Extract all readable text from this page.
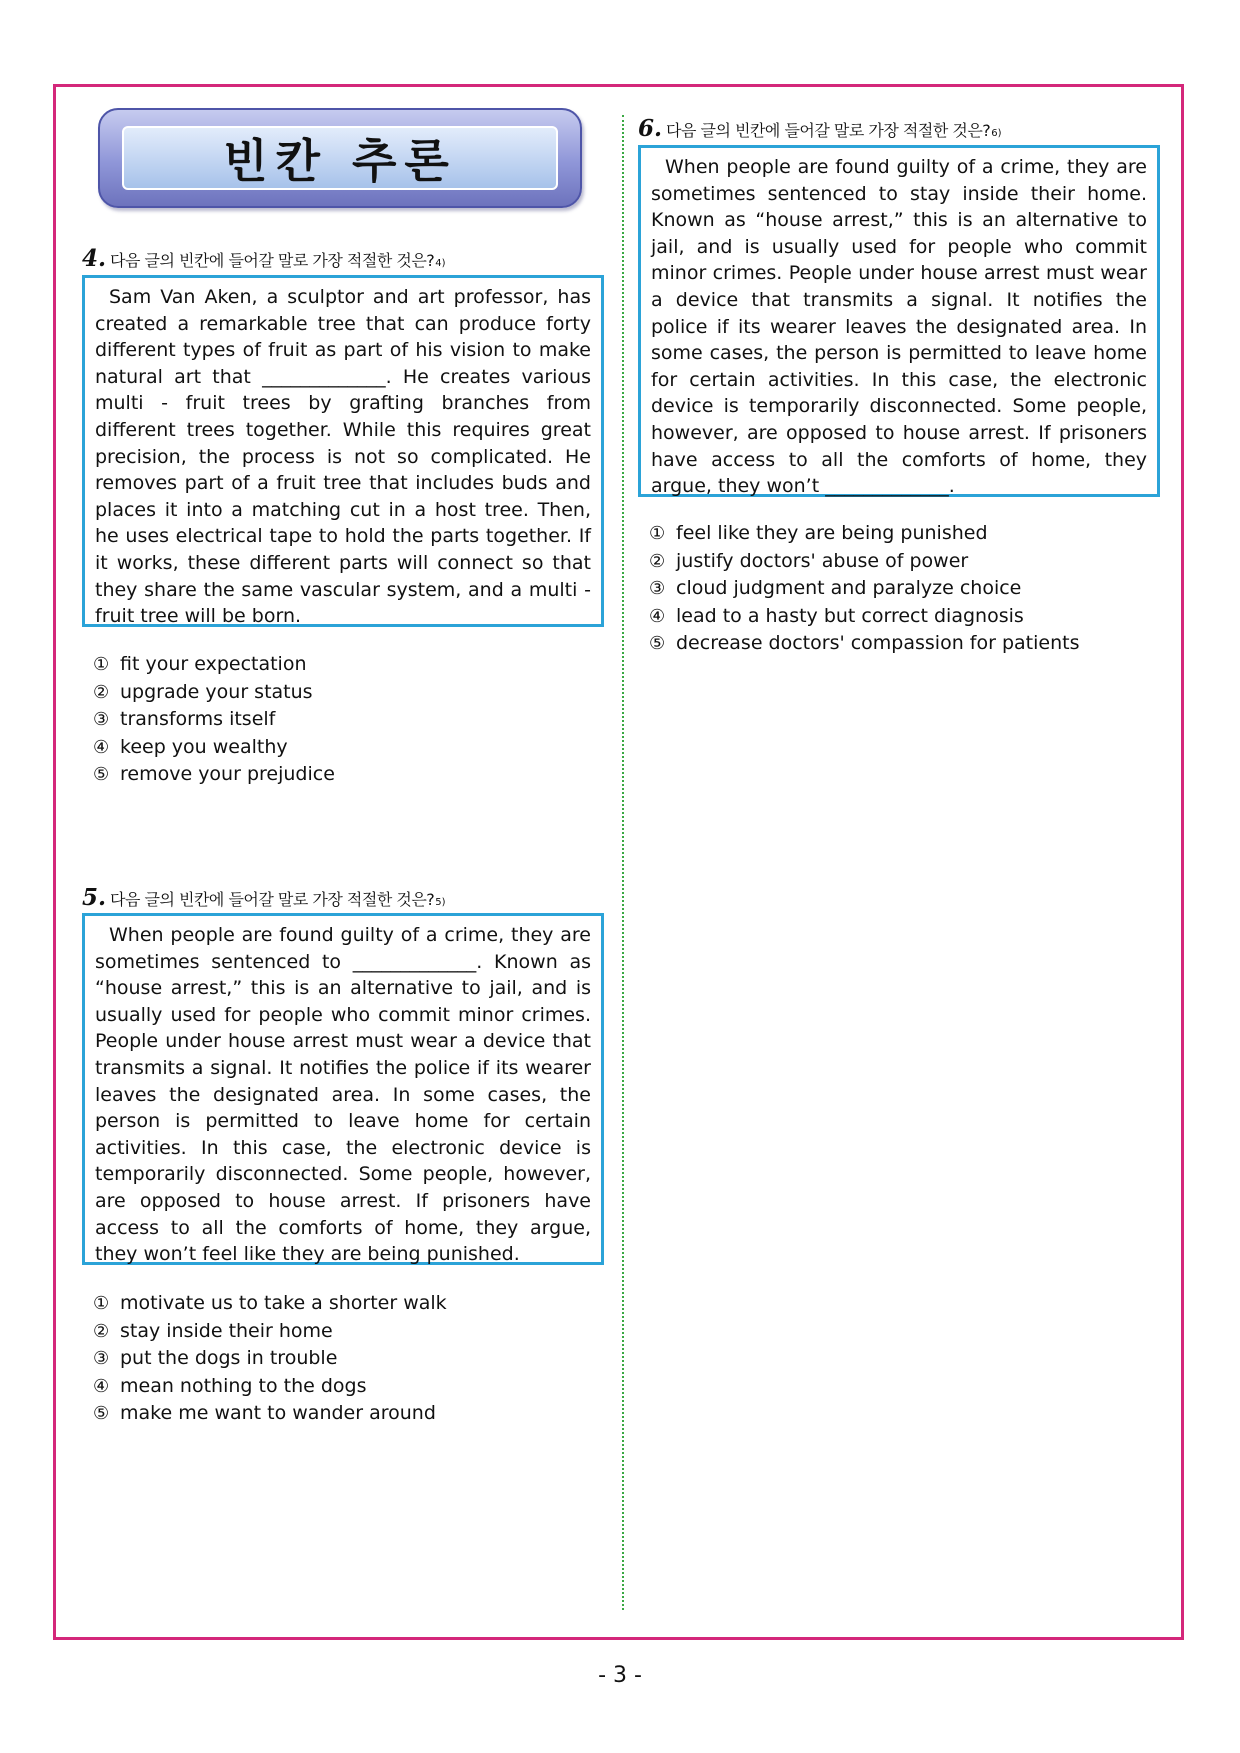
빈칸 추론
4. 다음 글의 빈칸에 들어갈 말로 가장 적절한 것은? 4)
Sam Van Aken, a sculptor and art professor, has created a remarkable tree that can produce forty different types of fruit as part of his vision to make natural art that _____________. He creates various multi - fruit trees by grafting branches from different trees together. While this requires great precision, the process is not so complicated. He removes part of a fruit tree that includes buds and places it into a matching cut in a host tree. Then, he uses electrical tape to hold the parts together. If it works, these different parts will connect so that they share the same vascular system, and a multi - fruit tree will be born.
① fit your expectation
② upgrade your status
③ transforms itself
④ keep you wealthy
⑤ remove your prejudice
5. 다음 글의 빈칸에 들어갈 말로 가장 적절한 것은? 5)
When people are found guilty of a crime, they are sometimes sentenced to _____________. Known as “house arrest,” this is an alternative to jail, and is usually used for people who commit minor crimes. People under house arrest must wear a device that transmits a signal. It notifies the police if its wearer leaves the designated area. In some cases, the person is permitted to leave home for certain activities. In this case, the electronic device is temporarily disconnected. Some people, however, are opposed to house arrest. If prisoners have access to all the comforts of home, they argue, they won’t feel like they are being punished.
① motivate us to take a shorter walk
② stay inside their home
③ put the dogs in trouble
④ mean nothing to the dogs
⑤ make me want to wander around
6. 다음 글의 빈칸에 들어갈 말로 가장 적절한 것은? 6)
When people are found guilty of a crime, they are sometimes sentenced to stay inside their home. Known as “house arrest,” this is an alternative to jail, and is usually used for people who commit minor crimes. People under house arrest must wear a device that transmits a signal. It notifies the police if its wearer leaves the designated area. In some cases, the person is permitted to leave home for certain activities. In this case, the electronic device is temporarily disconnected. Some people, however, are opposed to house arrest. If prisoners have access to all the comforts of home, they argue, they won’t _____________.
① feel like they are being punished
② justify doctors' abuse of power
③ cloud judgment and paralyze choice
④ lead to a hasty but correct diagnosis
⑤ decrease doctors' compassion for patients
- 3 -
